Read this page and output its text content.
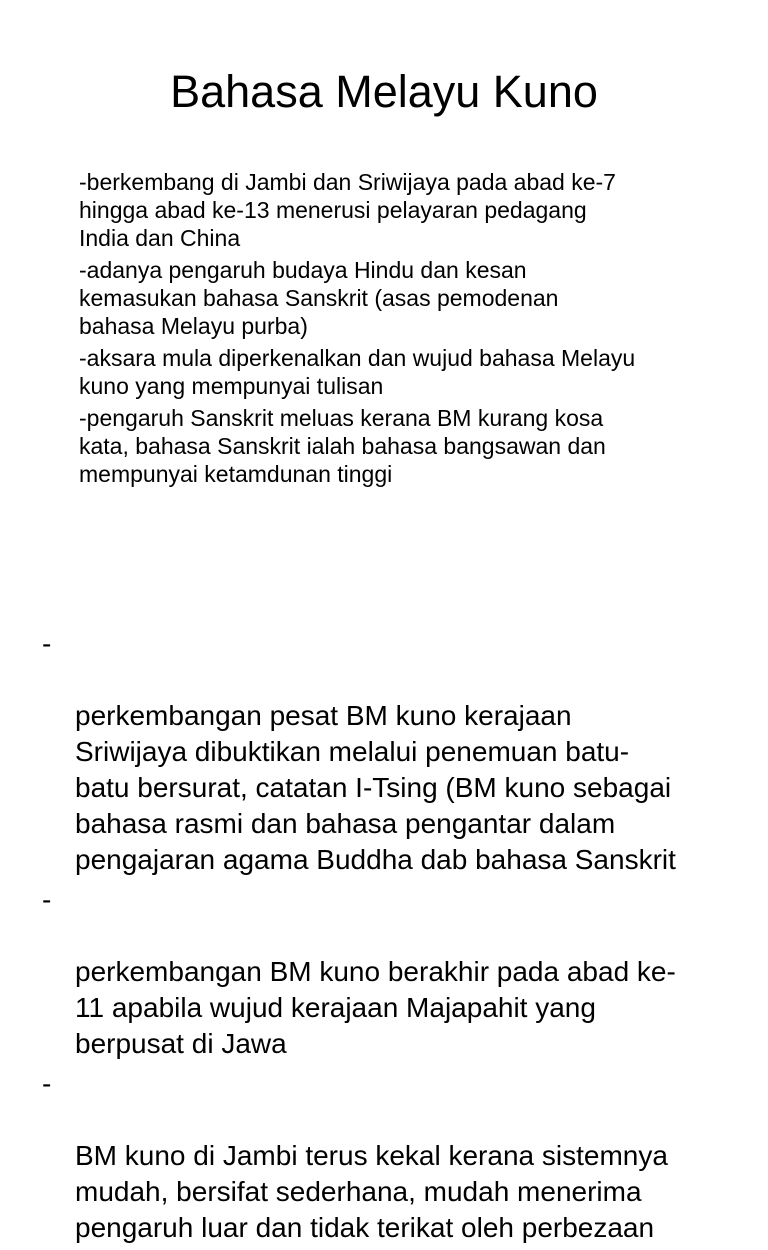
Bahasa Melayu Kuno
-berkembang di Jambi dan Sriwijaya pada abad ke-7
hingga abad ke-13 menerusi pelayaran pedagang
India dan China
-adanya pengaruh budaya Hindu dan kesan
kemasukan bahasa Sanskrit (asas pemodenan
bahasa Melayu purba)
-aksara mula diperkenalkan dan wujud bahasa Melayu
kuno yang mempunyai tulisan
-pengaruh Sanskrit meluas kerana BM kurang kosa
kata, bahasa Sanskrit ialah bahasa bangsawan dan
mempunyai ketamdunan tinggi

-

perkembangan pesat BM kuno kerajaan
Sriwijaya dibuktikan melalui penemuan batu-
batu bersurat, catatan I-Tsing (BM kuno sebagai
bahasa rasmi dan bahasa pengantar dalam
pengajaran agama Buddha dab bahasa Sanskrit

-

perkembangan BM kuno berakhir pada abad ke-
11 apabila wujud kerajaan Majapahit yang
berpusat di Jawa

-

BM kuno di Jambi terus kekal kerana sistemnya
mudah, bersifat sederhana, mudah menerima
pengaruh luar dan tidak terikat oleh perbezaan
